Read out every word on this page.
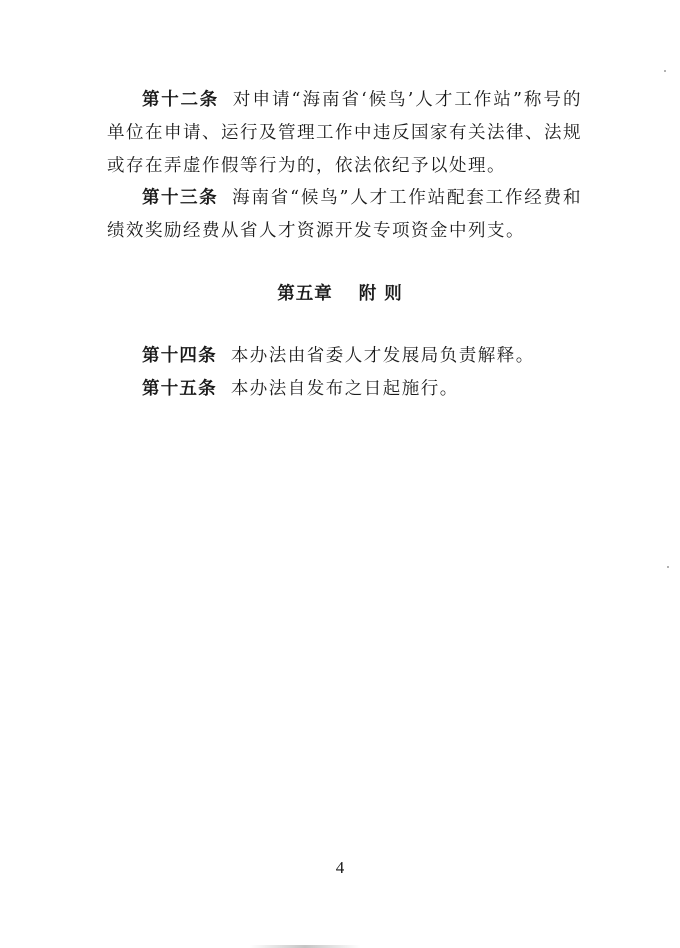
第十二条 对申请“海南省‘候鸟’人才工作站”称号的单位在申请、运行及管理工作中违反国家有关法律、法规或存在弄虚作假等行为的，依法依纪予以处理。

第十三条 海南省“候鸟”人才工作站配套工作经费和绩效奖励经费从省人才资源开发专项资金中列支。

第五章 附 则

第十四条 本办法由省委人才发展局负责解释。

第十五条 本办法自发布之日起施行。

4
